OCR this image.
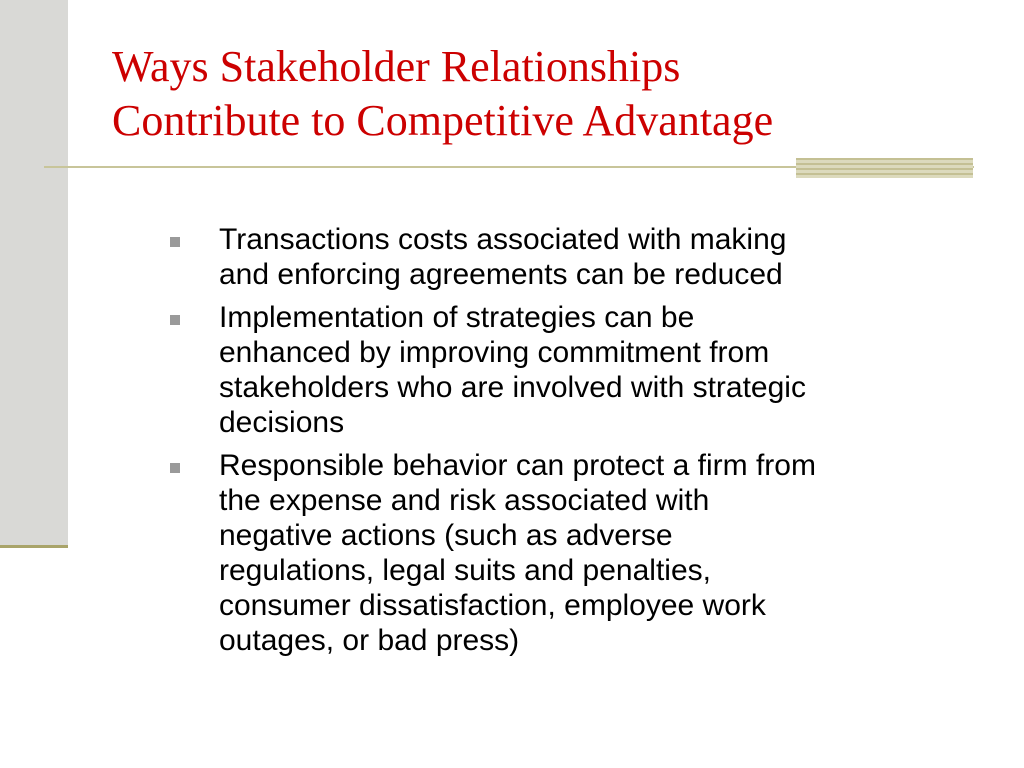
Ways Stakeholder Relationships
Contribute to Competitive Advantage
Transactions costs associated with making
and enforcing agreements can be reduced
Implementation of strategies can be
enhanced by improving commitment from
stakeholders who are involved with strategic
decisions
Responsible behavior can protect a firm from
the expense and risk associated with
negative actions (such as adverse
regulations, legal suits and penalties,
consumer dissatisfaction, employee work
outages, or bad press)
